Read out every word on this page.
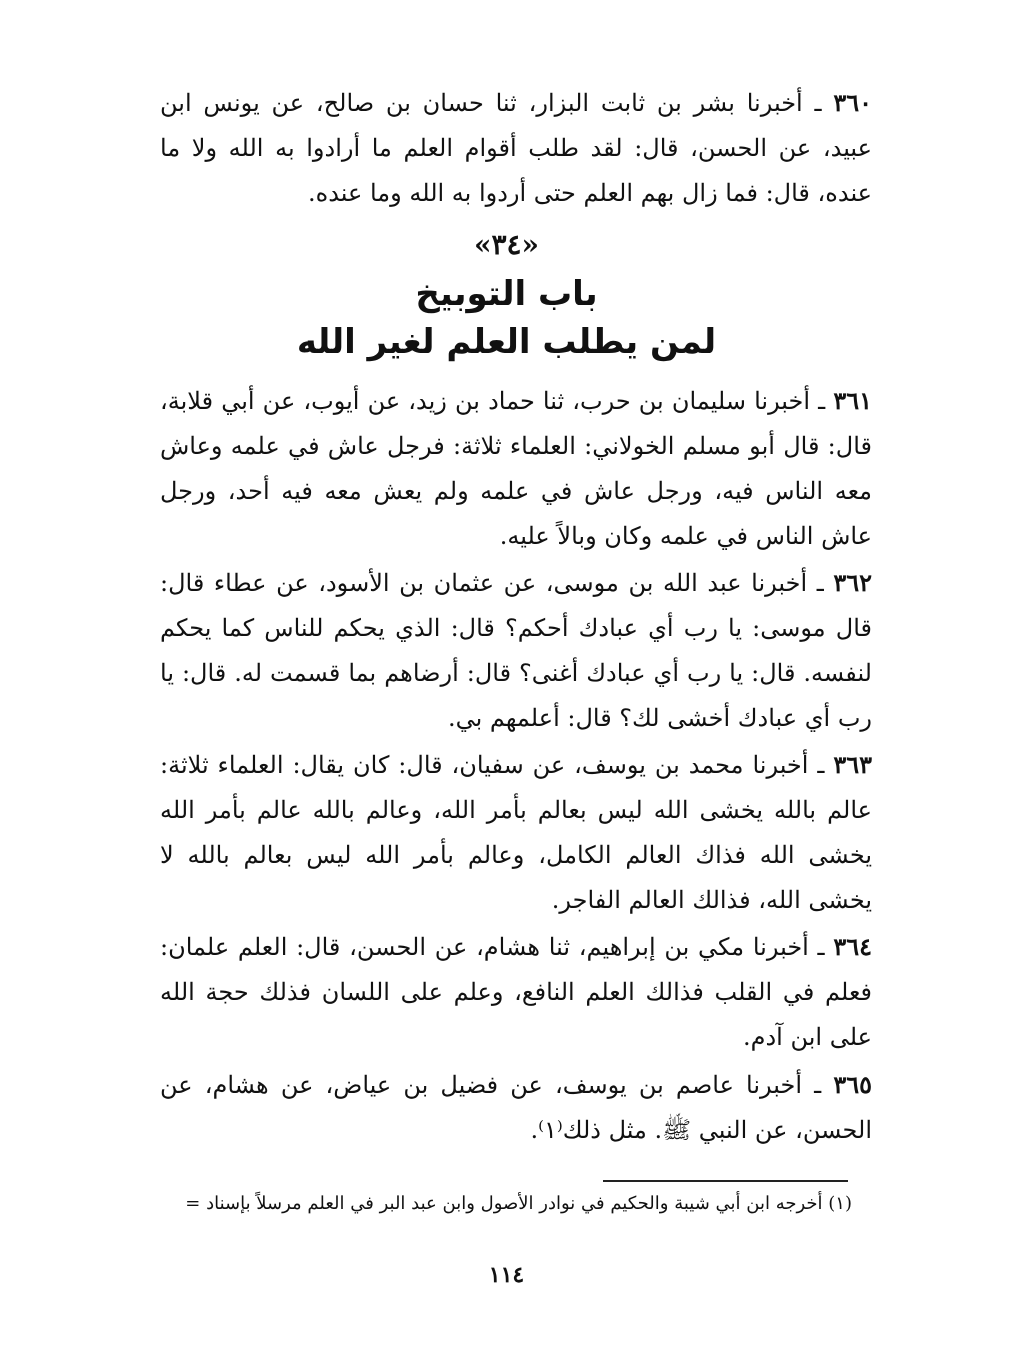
٣٦٠ ـ أخبرنا بشر بن ثابت البزار، ثنا حسان بن صالح، عن يونس ابن عبيد، عن الحسن، قال: لقد طلب أقوام العلم ما أرادوا به الله ولا ما عنده، قال: فما زال بهم العلم حتى أردوا به الله وما عنده.

«٣٤»
باب التوبيخ
لمن يطلب العلم لغير الله

٣٦١ ـ أخبرنا سليمان بن حرب، ثنا حماد بن زيد، عن أيوب، عن أبي قلابة، قال: قال أبو مسلم الخولاني: العلماء ثلاثة: فرجل عاش في علمه وعاش معه الناس فيه، ورجل عاش في علمه ولم يعش معه فيه أحد، ورجل عاش الناس في علمه وكان وبالاً عليه.

٣٦٢ ـ أخبرنا عبد الله بن موسى، عن عثمان بن الأسود، عن عطاء قال: قال موسى: يا رب أي عبادك أحكم؟ قال: الذي يحكم للناس كما يحكم لنفسه. قال: يا رب أي عبادك أغنى؟ قال: أرضاهم بما قسمت له. قال: يا رب أي عبادك أخشى لك؟ قال: أعلمهم بي.

٣٦٣ ـ أخبرنا محمد بن يوسف، عن سفيان، قال: كان يقال: العلماء ثلاثة: عالم بالله يخشى الله ليس بعالم بأمر الله، وعالم بالله عالم بأمر الله يخشى الله فذاك العالم الكامل، وعالم بأمر الله ليس بعالم بالله لا يخشى الله، فذالك العالم الفاجر.

٣٦٤ ـ أخبرنا مكي بن إبراهيم، ثنا هشام، عن الحسن، قال: العلم علمان: فعلم في القلب فذالك العلم النافع، وعلم على اللسان فذلك حجة الله على ابن آدم.

٣٦٥ ـ أخبرنا عاصم بن يوسف، عن فضيل بن عياض، عن هشام، عن الحسن، عن النبي ﷺ. مثل ذلك⁽١⁾.

(١) أخرجه ابن أبي شيبة والحكيم في نوادر الأصول وابن عبد البر في العلم مرسلاً بإسناد =
١١٤
